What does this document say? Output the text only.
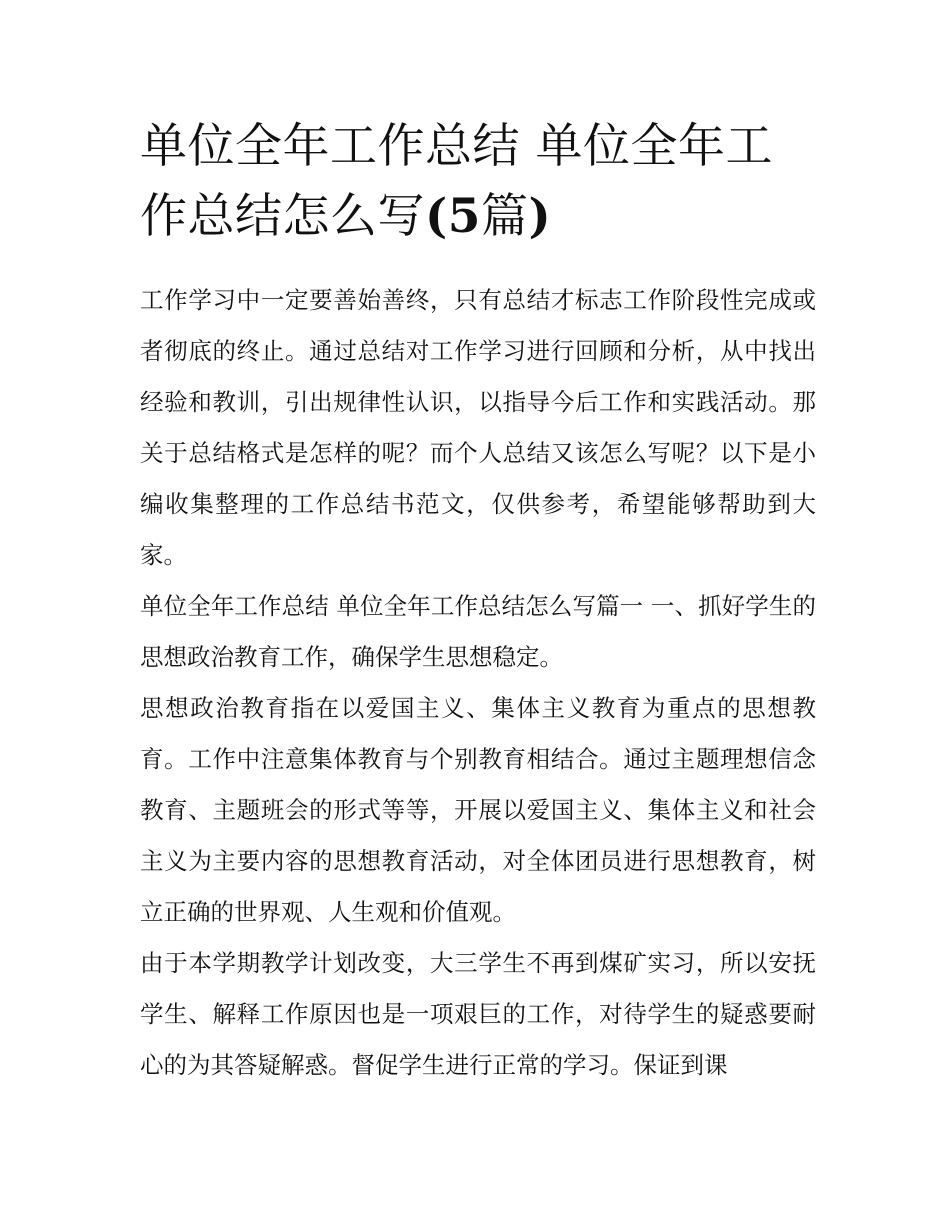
单位全年工作总结 单位全年工作总结怎么写(5篇)

工作学习中一定要善始善终，只有总结才标志工作阶段性完成或者彻底的终止。通过总结对工作学习进行回顾和分析，从中找出经验和教训，引出规律性认识，以指导今后工作和实践活动。那关于总结格式是怎样的呢？而个人总结又该怎么写呢？以下是小编收集整理的工作总结书范文，仅供参考，希望能够帮助到大家。

单位全年工作总结 单位全年工作总结怎么写篇一 一、抓好学生的思想政治教育工作，确保学生思想稳定。

思想政治教育指在以爱国主义、集体主义教育为重点的思想教育。工作中注意集体教育与个别教育相结合。通过主题理想信念教育、主题班会的形式等等，开展以爱国主义、集体主义和社会主义为主要内容的思想教育活动，对全体团员进行思想教育，树立正确的世界观、人生观和价值观。

由于本学期教学计划改变，大三学生不再到煤矿实习，所以安抚学生、解释工作原因也是一项艰巨的工作，对待学生的疑惑要耐心的为其答疑解惑。督促学生进行正常的学习。保证到课
